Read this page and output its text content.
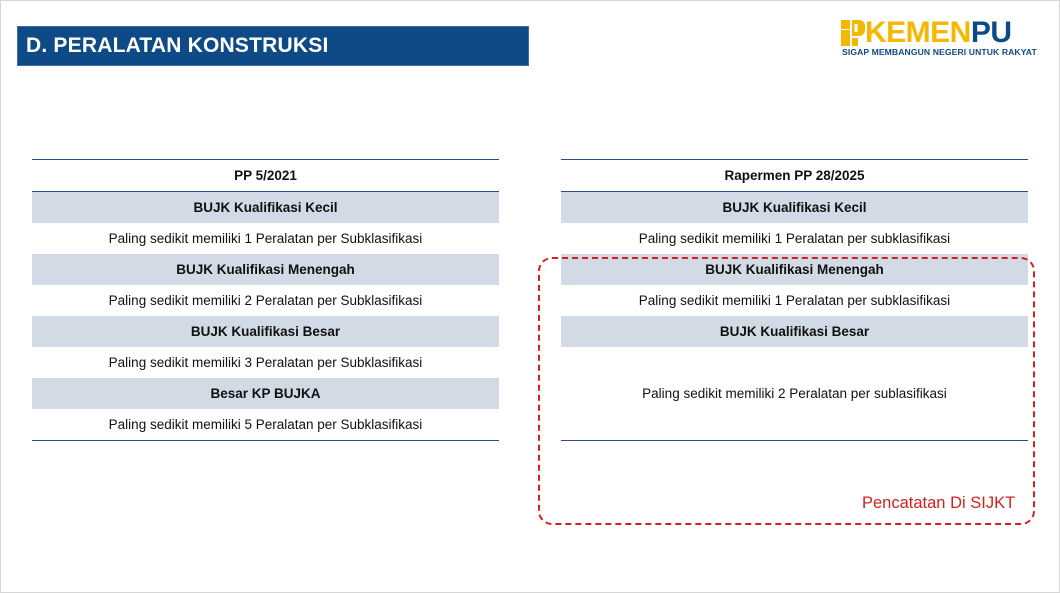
D. PERALATAN KONSTRUKSI	KEMENPU
SIGAP MEMBANGUN NEGERI UNTUK RAKYAT
PP 5/2021
BUJK Kualifikasi Kecil
Paling sedikit memiliki 1 Peralatan per Subklasifikasi
BUJK Kualifikasi Menengah
Paling sedikit memiliki 2 Peralatan per Subklasifikasi
BUJK Kualifikasi Besar
Paling sedikit memiliki 3 Peralatan per Subklasifikasi
Besar KP BUJKA
Paling sedikit memiliki 5 Peralatan per Subklasifikasi
Rapermen PP 28/2025
BUJK Kualifikasi Kecil
Paling sedikit memiliki 1 Peralatan per subklasifikasi
BUJK Kualifikasi Menengah
Paling sedikit memiliki 1 Peralatan per subklasifikasi
BUJK Kualifikasi Besar
Paling sedikit memiliki 2 Peralatan per sublasifikasi
Pencatatan Di SIJKT
